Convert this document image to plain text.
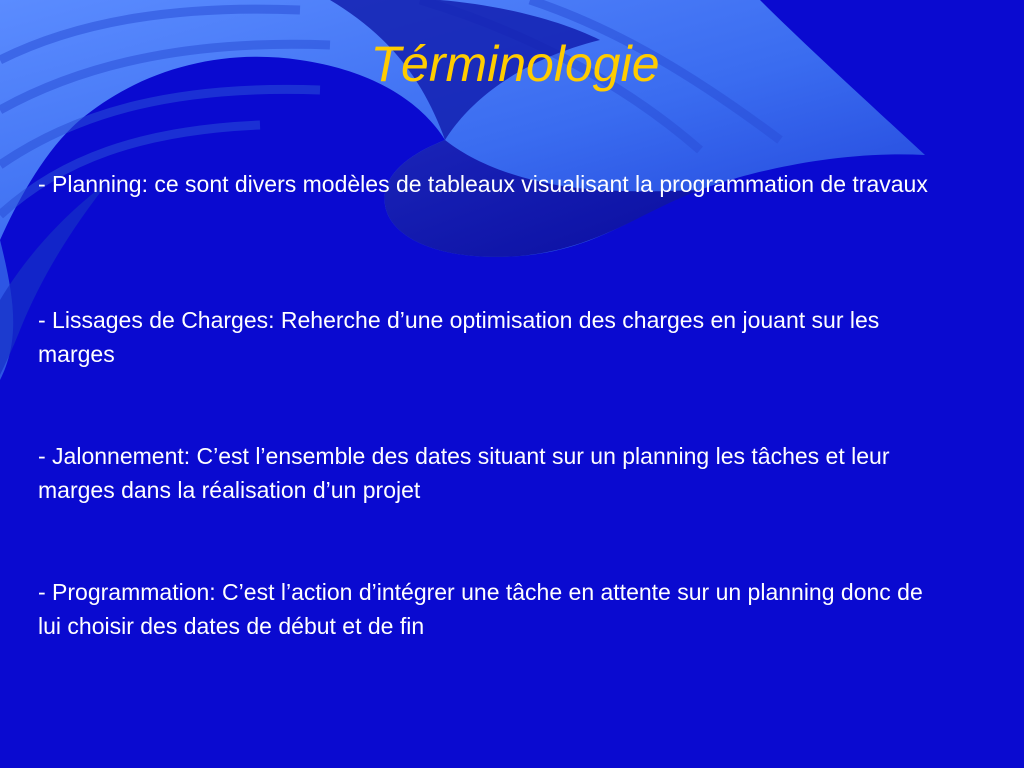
Términologie

- Planning: ce sont divers modèles de tableaux visualisant la programmation de travaux

- Lissages de Charges: Reherche d’une optimisation des charges en jouant sur les marges

- Jalonnement: C’est l’ensemble des dates situant sur un planning les tâches et leur marges dans la réalisation d’un projet

- Programmation: C’est l’action d’intégrer une tâche en attente sur un planning donc de lui choisir des dates de début et de fin
